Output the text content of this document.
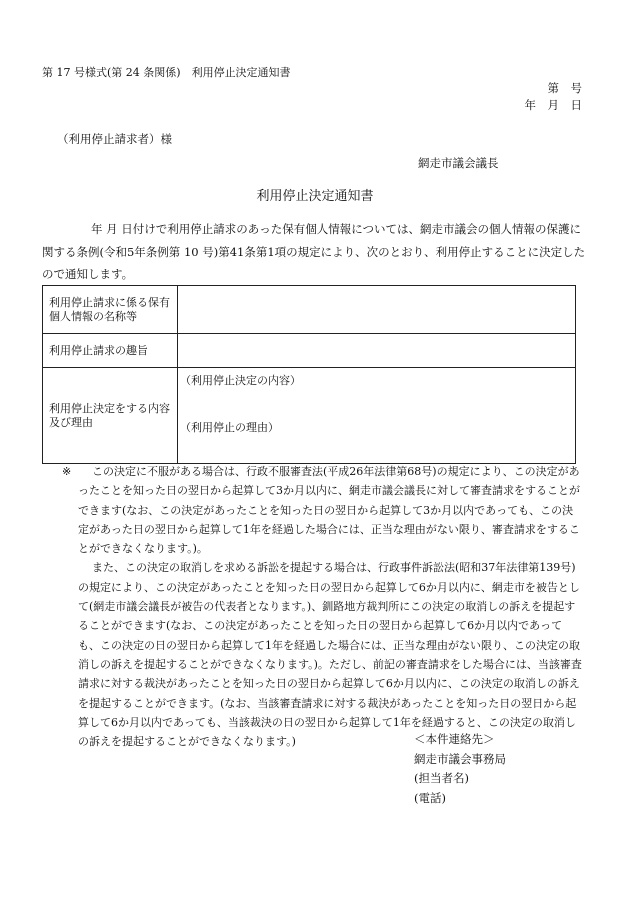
第 17 号様式(第 24 条関係)　利用停止決定通知書
第　号
年　月　日
（利用停止請求者）様
網走市議会議長
利用停止決定通知書
年 月 日付けで利用停止請求のあった保有個人情報については、網走市議会の個人情報の保護に関する条例(令和5年条例第 10 号)第41条第1項の規定により、次のとおり、利用停止することに決定したので通知します。
利用停止請求に係る保有個人情報の名称等	
利用停止請求の趣旨	
利用停止決定をする内容及び理由	（利用停止決定の内容）
（利用停止の理由）

※ この決定に不服がある場合は、行政不服審査法(平成26年法律第68号)の規定により、この決定があったことを知った日の翌日から起算して3か月以内に、網走市議会議長に対して審査請求をすることができます(なお、この決定があったことを知った日の翌日から起算して3か月以内であっても、この決定があった日の翌日から起算して1年を経過した場合には、正当な理由がない限り、審査請求をすることができなくなります。)。

また、この決定の取消しを求める訴訟を提起する場合は、行政事件訴訟法(昭和37年法律第139号)の規定により、この決定があったことを知った日の翌日から起算して6か月以内に、網走市を被告として(網走市議会議長が被告の代表者となります。)、釧路地方裁判所にこの決定の取消しの訴えを提起することができます(なお、この決定があったことを知った日の翌日から起算して6か月以内であっても、この決定の日の翌日から起算して1年を経過した場合には、正当な理由がない限り、この決定の取消しの訴えを提起することができなくなります。)。ただし、前記の審査請求をした場合には、当該審査請求に対する裁決があったことを知った日の翌日から起算して6か月以内に、この決定の取消しの訴えを提起することができます。(なお、当該審査請求に対する裁決があったことを知った日の翌日から起算して6か月以内であっても、当該裁決の日の翌日から起算して1年を経過すると、この決定の取消しの訴えを提起することができなくなります。)	＜本件連絡先＞
網走市議会事務局
(担当者名)
(電話)
